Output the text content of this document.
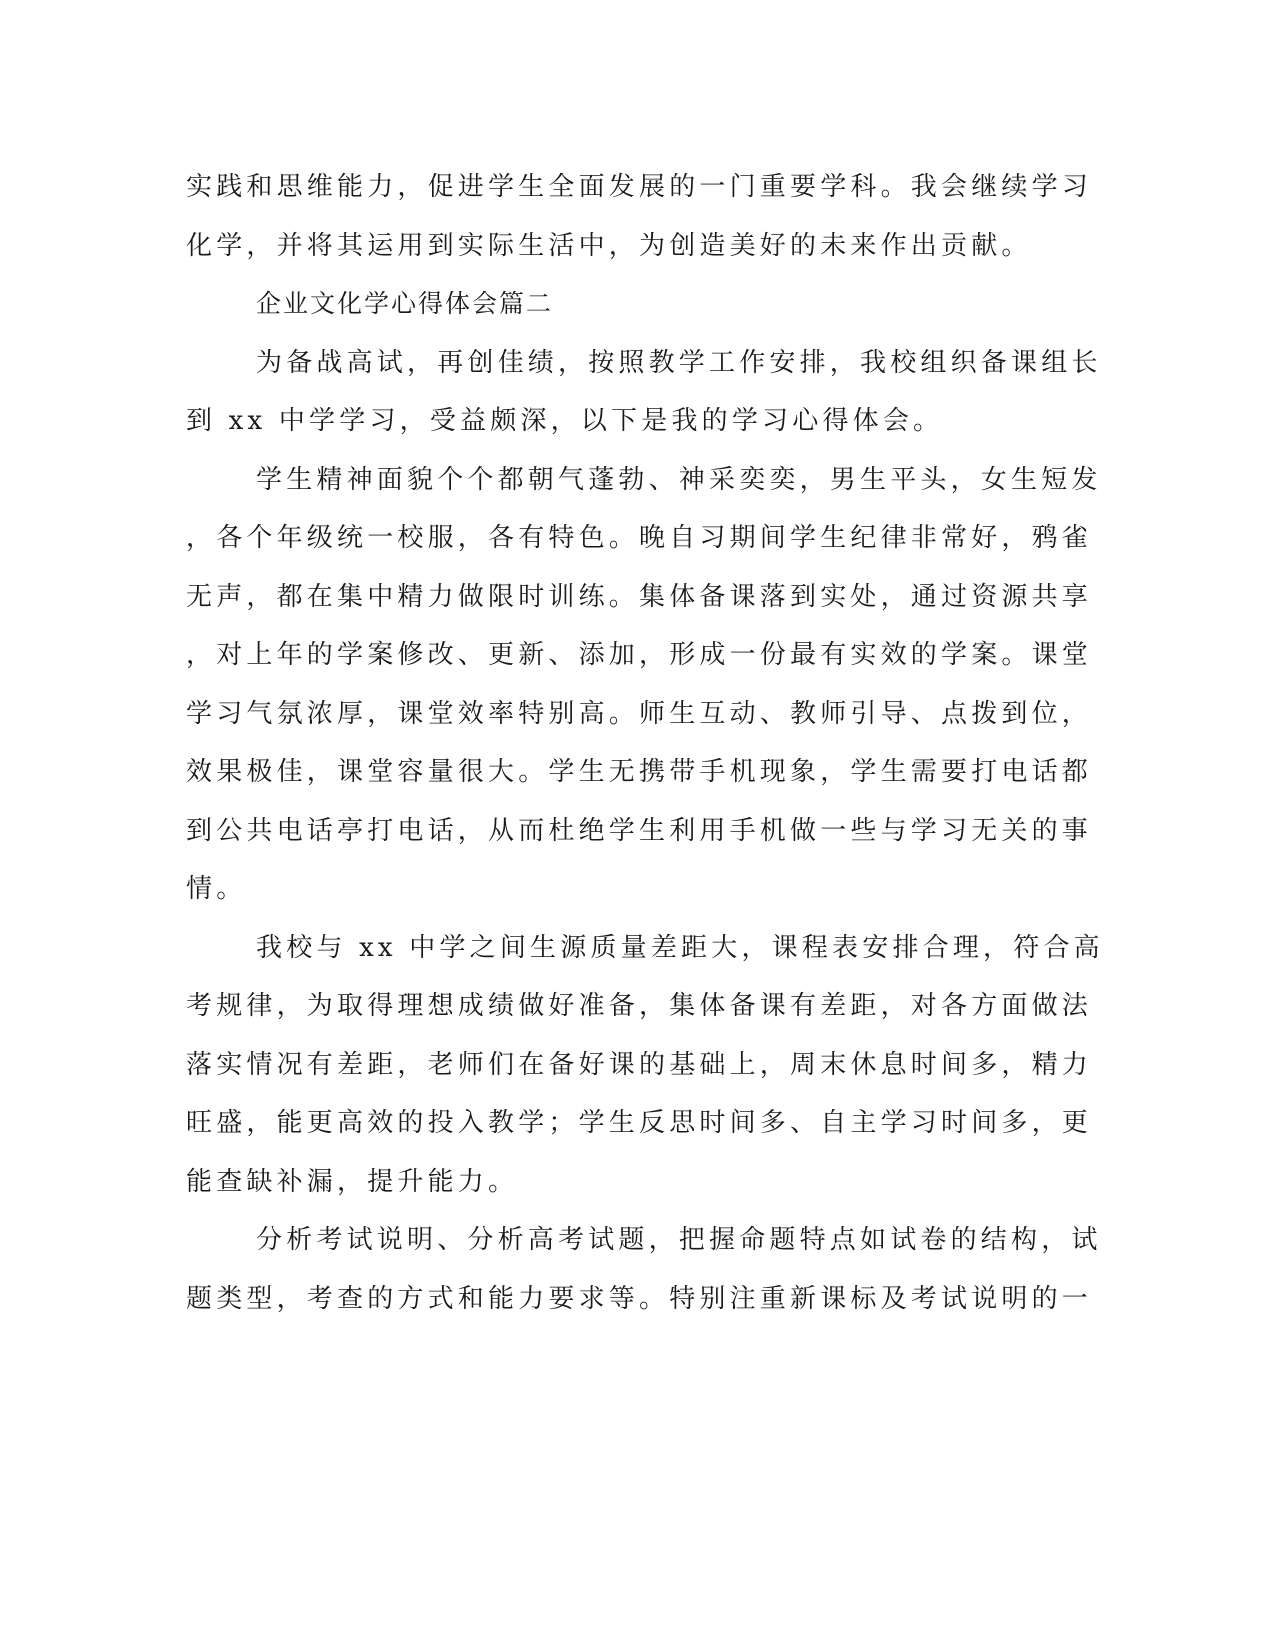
实践和思维能力，促进学生全面发展的一门重要学科。我会继续学习
化学，并将其运用到实际生活中，为创造美好的未来作出贡献。
企业文化学心得体会篇二
为备战高试，再创佳绩，按照教学工作安排，我校组织备课组长
到 xx 中学学习，受益颇深，以下是我的学习心得体会。
学生精神面貌个个都朝气蓬勃、神采奕奕，男生平头，女生短发
，各个年级统一校服，各有特色。晚自习期间学生纪律非常好，鸦雀
无声，都在集中精力做限时训练。集体备课落到实处，通过资源共享
，对上年的学案修改、更新、添加，形成一份最有实效的学案。课堂
学习气氛浓厚，课堂效率特别高。师生互动、教师引导、点拨到位，
效果极佳，课堂容量很大。学生无携带手机现象，学生需要打电话都
到公共电话亭打电话，从而杜绝学生利用手机做一些与学习无关的事
情。
我校与 xx 中学之间生源质量差距大，课程表安排合理，符合高
考规律，为取得理想成绩做好准备，集体备课有差距，对各方面做法
落实情况有差距，老师们在备好课的基础上，周末休息时间多，精力
旺盛，能更高效的投入教学；学生反思时间多、自主学习时间多，更
能查缺补漏，提升能力。
分析考试说明、分析高考试题，把握命题特点如试卷的结构，试
题类型，考查的方式和能力要求等。特别注重新课标及考试说明的一
